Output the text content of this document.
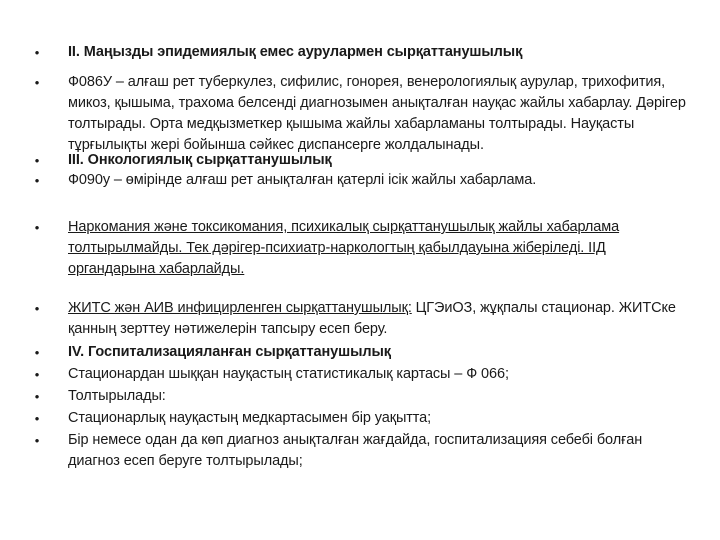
•	II. Маңызды эпидемиялық емес аурулармен сырқаттанушылық
•	Ф086У – алғаш рет туберкулез, сифилис, гонорея, венерологиялық аурулар, трихофития, микоз, қышыма, трахома белсенді диагнозымен анықталған науқас жайлы хабарлау. Дәрігер толтырады. Орта медқызметкер қышыма жайлы хабарламаны толтырады. Науқасты тұрғылықты жері бойынша сәйкес диспансерге жолдалынады.
•	III. Онкологиялық сырқаттанушылық
•	Ф090у – өмірінде алғаш рет анықталған қатерлі ісік жайлы хабарлама.
•	Наркомания және токсикомания, психикалық сырқаттанушылық жайлы хабарлама толтырылмайды. Тек дәрігер-психиатр-наркологтың қабылдауына жіберіледі. ІІД органдарына хабарлайды.
•	ЖИТС жән АИВ инфицирленген сырқаттанушылық: ЦГЭиОЗ, жұқпалы стационар. ЖИТСке қанның зерттеу нәтижелерін тапсыру есеп беру.
•	IV. Госпитализацияланған сырқаттанушылық
•	Стационардан шыққан науқастың статистикалық картасы – Ф 066;
•	Толтырылады:
•	Стационарлық науқастың медкартасымен бір уақытта;
•	Бір немесе одан да көп диагноз анықталған жағдайда, госпитализацияя себебі болған диагноз есеп беруге толтырылады;
